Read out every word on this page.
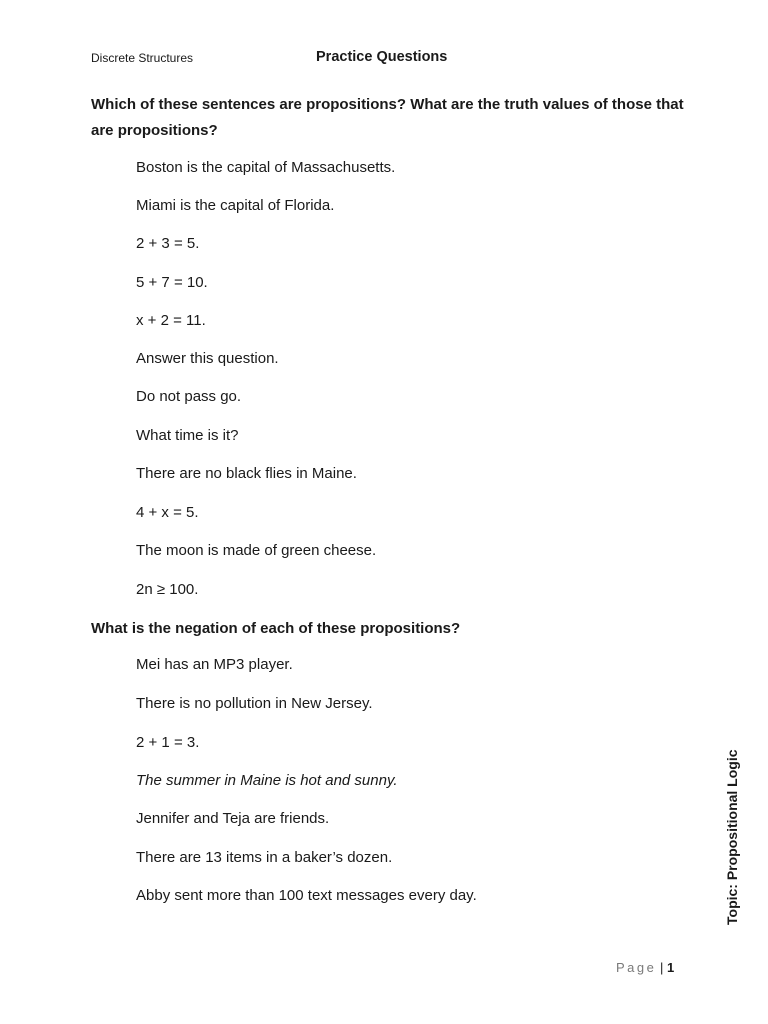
Discrete Structures	Practice Questions
Which of these sentences are propositions? What are the truth values of those that are propositions?
Boston is the capital of Massachusetts.
Miami is the capital of Florida.
2 + 3 = 5.
5 + 7 = 10.
x + 2 = 11.
Answer this question.
Do not pass go.
What time is it?
There are no black flies in Maine.
4 + x = 5.
The moon is made of green cheese.
2n ≥ 100.
What is the negation of each of these propositions?
Mei has an MP3 player.
There is no pollution in New Jersey.
2 + 1 = 3.
The summer in Maine is hot and sunny.
Jennifer and Teja are friends.
There are 13 items in a baker’s dozen.
Abby sent more than 100 text messages every day.	Topic: Propositional Logic
Page | 1
